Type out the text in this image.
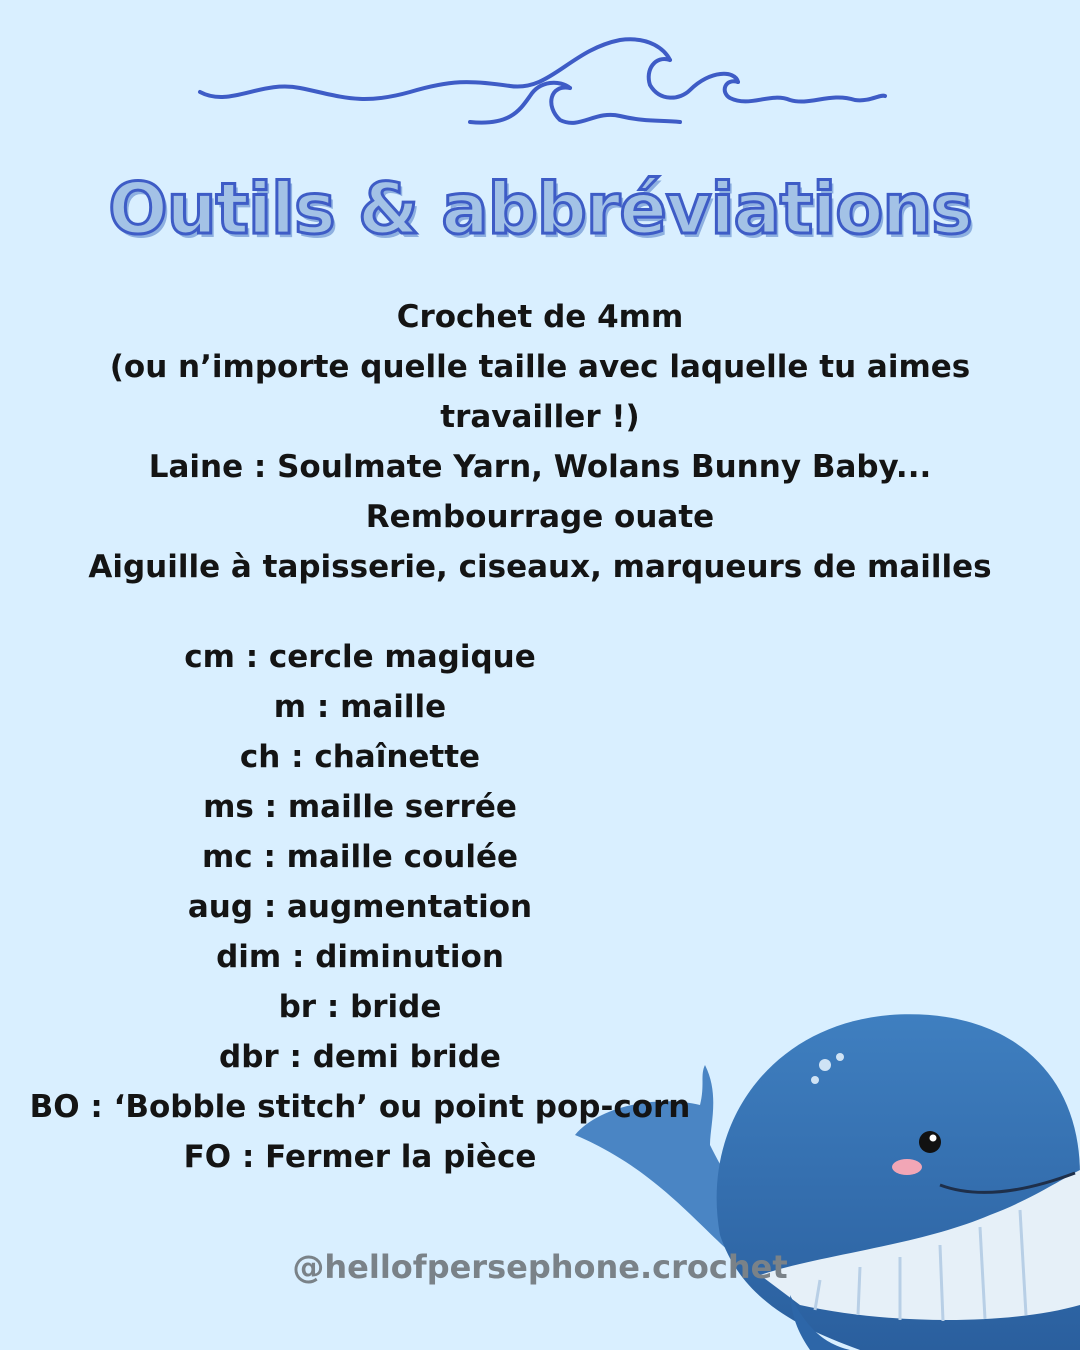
Outils & abbréviations
Crochet de 4mm
(ou n’importe quelle taille avec laquelle tu aimes
travailler !)
Laine : Soulmate Yarn, Wolans Bunny Baby...
Rembourrage ouate
Aiguille à tapisserie, ciseaux, marqueurs de mailles
cm : cercle magique
m : maille
ch : chaînette
ms : maille serrée
mc : maille coulée
aug : augmentation
dim : diminution
br : bride
dbr : demi bride
BO : ‘Bobble stitch’ ou point pop-corn
FO : Fermer la pièce
@hellofpersephone.crochet
